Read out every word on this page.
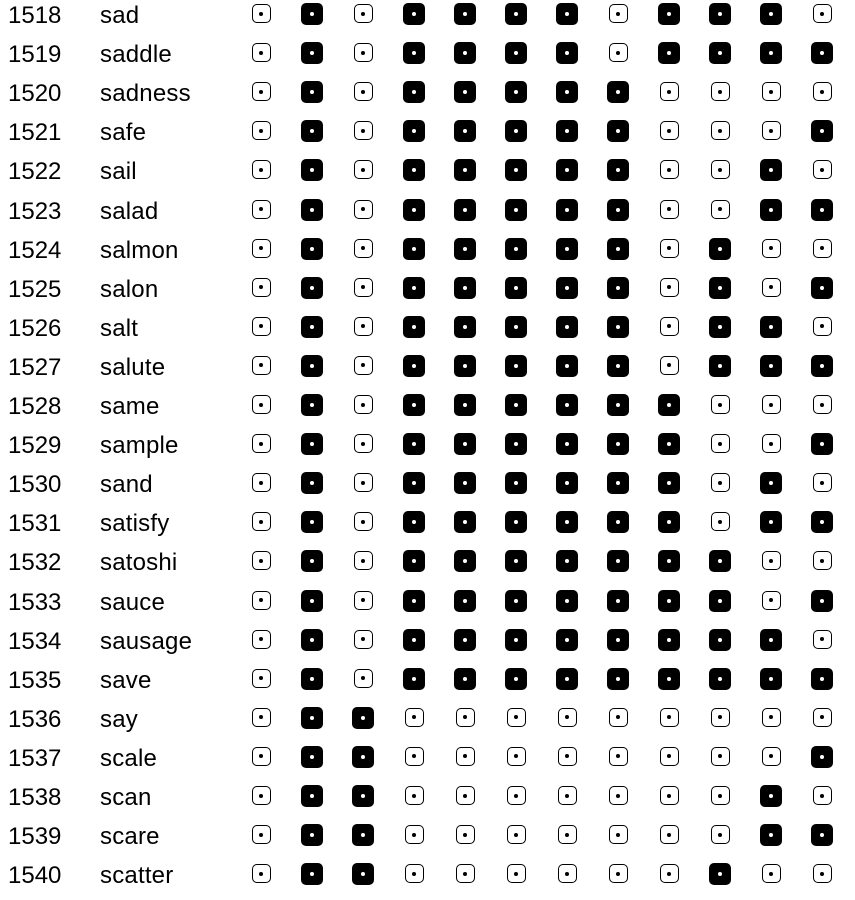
1518 sad
1519 saddle
1520 sadness
1521 safe
1522 sail
1523 salad
1524 salmon
1525 salon
1526 salt
1527 salute
1528 same
1529 sample
1530 sand
1531 satisfy
1532 satoshi
1533 sauce
1534 sausage
1535 save
1536 say
1537 scale
1538 scan
1539 scare
1540 scatter
